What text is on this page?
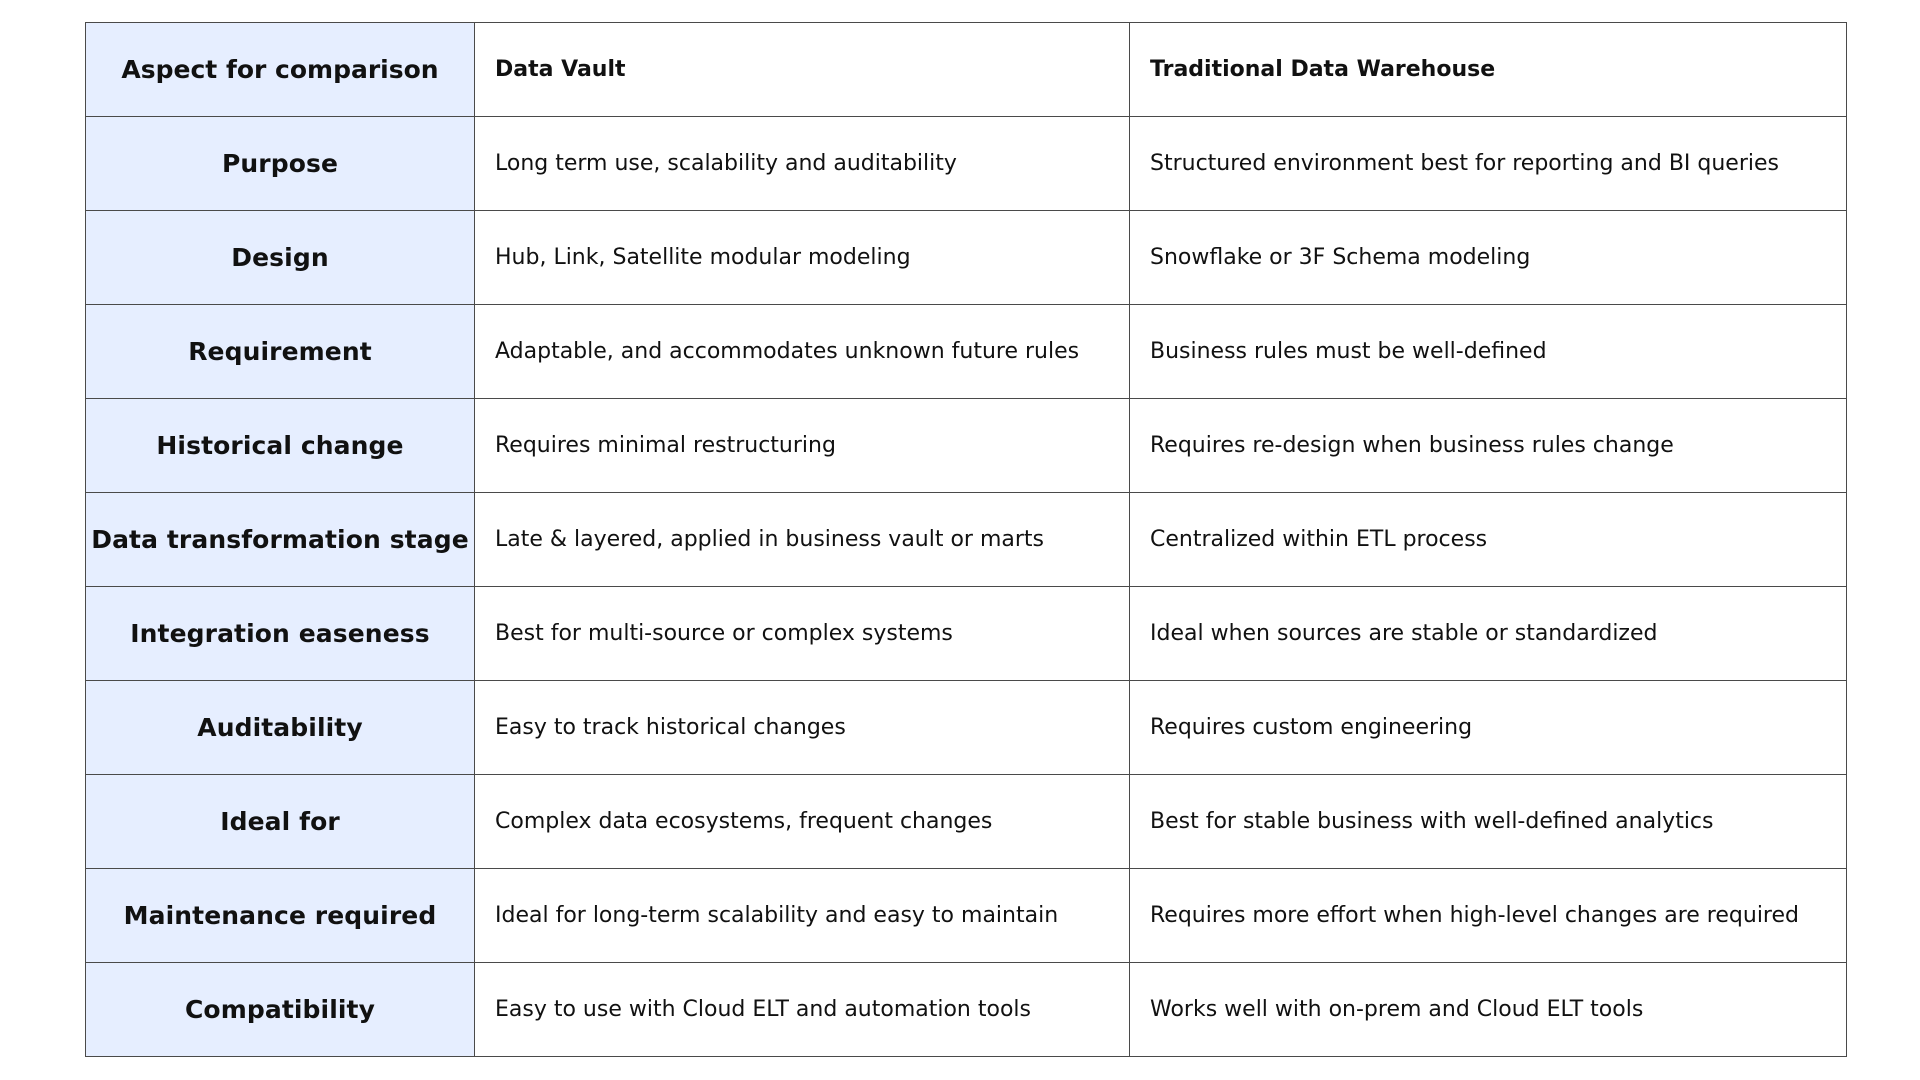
Aspect for comparison	Data Vault	Traditional Data Warehouse
Purpose	Long term use, scalability and auditability	Structured environment best for reporting and BI queries
Design	Hub, Link, Satellite modular modeling	Snowflake or 3F Schema modeling
Requirement	Adaptable, and accommodates unknown future rules	Business rules must be well-defined
Historical change	Requires minimal restructuring	Requires re-design when business rules change
Data transformation stage	Late & layered, applied in business vault or marts	Centralized within ETL process
Integration easeness	Best for multi-source or complex systems	Ideal when sources are stable or standardized
Auditability	Easy to track historical changes	Requires custom engineering
Ideal for	Complex data ecosystems, frequent changes	Best for stable business with well-defined analytics
Maintenance required	Ideal for long-term scalability and easy to maintain	Requires more effort when high-level changes are required
Compatibility	Easy to use with Cloud ELT and automation tools	Works well with on-prem and Cloud ELT tools
